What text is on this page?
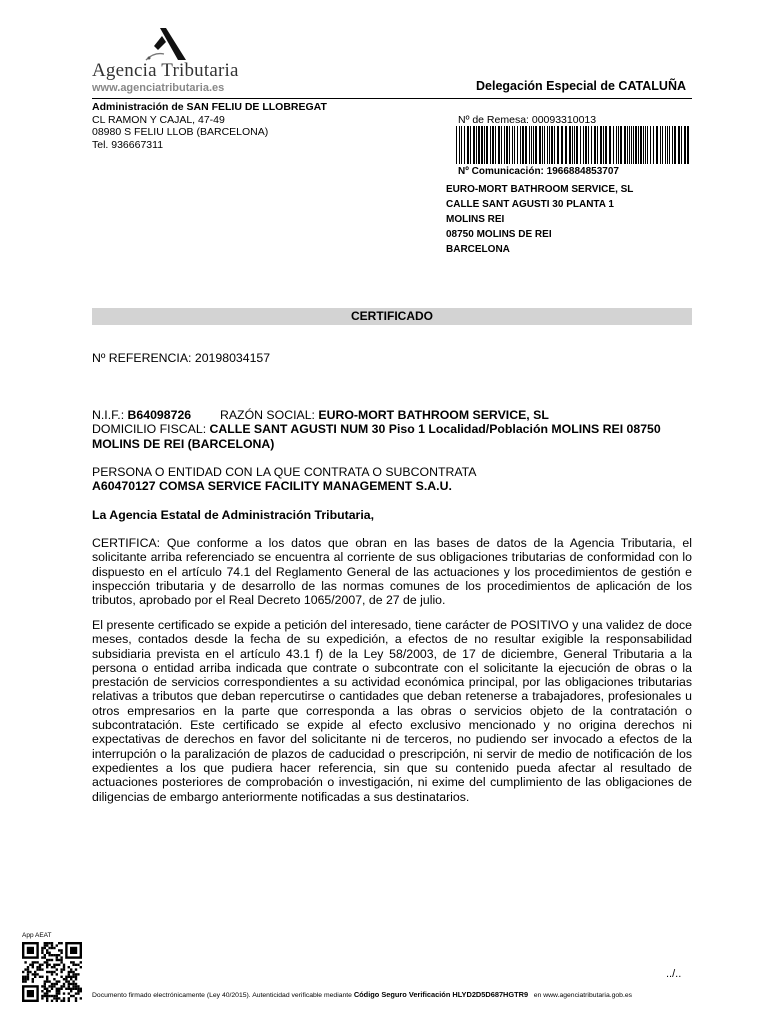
Agencia Tributaria
www.agenciatributaria.es	Delegación Especial de CATALUÑA
Administración de SAN FELIU DE LLOBREGAT
CL RAMON Y CAJAL, 47-49
08980 S FELIU LLOB (BARCELONA)
Tel. 936667311
Nº de Remesa: 00093310013
Nº Comunicación: 1966884853707
EURO-MORT BATHROOM SERVICE, SL
CALLE SANT AGUSTI 30 PLANTA 1
MOLINS REI
08750 MOLINS DE REI
BARCELONA
CERTIFICADO
Nº REFERENCIA: 20198034157
N.I.F.: B64098726 RAZÓN SOCIAL: EURO-MORT BATHROOM SERVICE, SL
DOMICILIO FISCAL: CALLE SANT AGUSTI NUM 30 Piso 1 Localidad/Población MOLINS REI 08750 MOLINS DE REI (BARCELONA)
PERSONA O ENTIDAD CON LA QUE CONTRATA O SUBCONTRATA
A60470127 COMSA SERVICE FACILITY MANAGEMENT S.A.U.
La Agencia Estatal de Administración Tributaria,
CERTIFICA: Que conforme a los datos que obran en las bases de datos de la Agencia Tributaria, el solicitante arriba referenciado se encuentra al corriente de sus obligaciones tributarias de conformidad con lo dispuesto en el artículo 74.1 del Reglamento General de las actuaciones y los procedimientos de gestión e inspección tributaria y de desarrollo de las normas comunes de los procedimientos de aplicación de los tributos, aprobado por el Real Decreto 1065/2007, de 27 de julio.
El presente certificado se expide a petición del interesado, tiene carácter de POSITIVO y una validez de doce meses, contados desde la fecha de su expedición, a efectos de no resultar exigible la responsabilidad subsidiaria prevista en el artículo 43.1 f) de la Ley 58/2003, de 17 de diciembre, General Tributaria a la persona o entidad arriba indicada que contrate o subcontrate con el solicitante la ejecución de obras o la prestación de servicios correspondientes a su actividad económica principal, por las obligaciones tributarias relativas a tributos que deban repercutirse o cantidades que deban retenerse a trabajadores, profesionales u otros empresarios en la parte que corresponda a las obras o servicios objeto de la contratación o subcontratación. Este certificado se expide al efecto exclusivo mencionado y no origina derechos ni expectativas de derechos en favor del solicitante ni de terceros, no pudiendo ser invocado a efectos de la interrupción o la paralización de plazos de caducidad o prescripción, ni servir de medio de notificación de los expedientes a los que pudiera hacer referencia, sin que su contenido pueda afectar al resultado de actuaciones posteriores de comprobación o investigación, ni exime del cumplimiento de las obligaciones de diligencias de embargo anteriormente notificadas a sus destinatarios.
App AEAT
../..
Documento firmado electrónicamente (Ley 40/2015). Autenticidad verificable mediante Código Seguro Verificación HLYD2D5D687HGTR9 en www.agenciatributaria.gob.es
